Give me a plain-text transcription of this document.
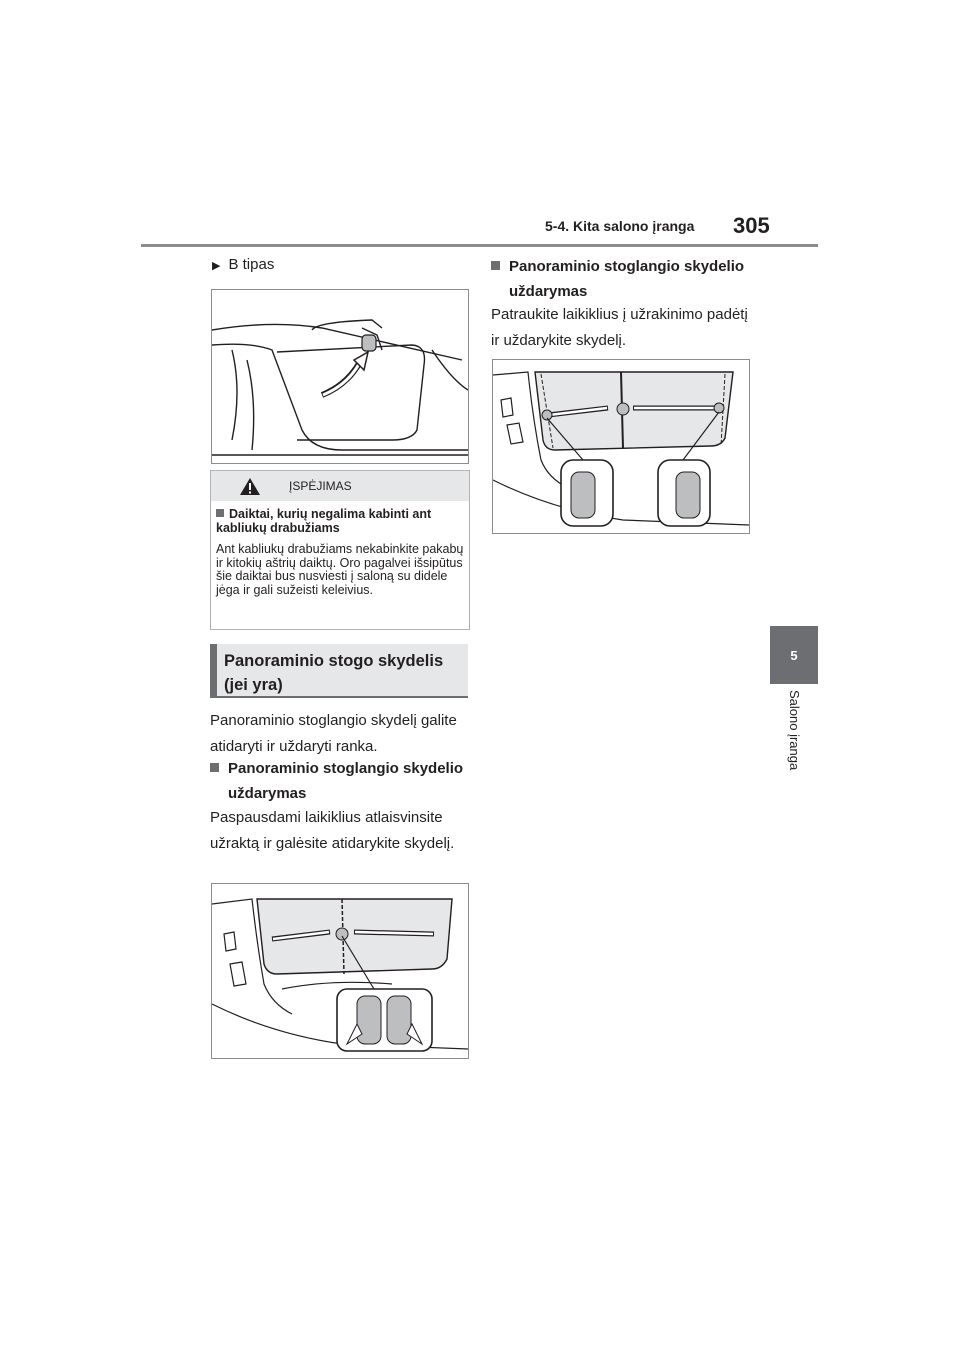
5-4. Kita salono įranga 305
5
Salono įranga
▶ B tipas
ĮSPĖJIMAS
Daiktai, kurių negalima kabinti ant kabliukų drabužiams
Ant kabliukų drabužiams nekabinkite pakabų ir kitokių aštrių daiktų. Oro pagalvei išsipūtus šie daiktai bus nusviesti į saloną su didele jėga ir gali sužeisti keleivius.
Panoraminio stogo skydelis (jei yra)
Panoraminio stoglangio skydelį galite atidaryti ir uždaryti ranka.
Panoraminio stoglangio skydelio uždarymas
Paspausdami laikiklius atlaisvinsite užraktą ir galėsite atidarykite skydelį.
Panoraminio stoglangio skydelio uždarymas
Patraukite laikiklius į užrakinimo padėtį ir uždarykite skydelį.
